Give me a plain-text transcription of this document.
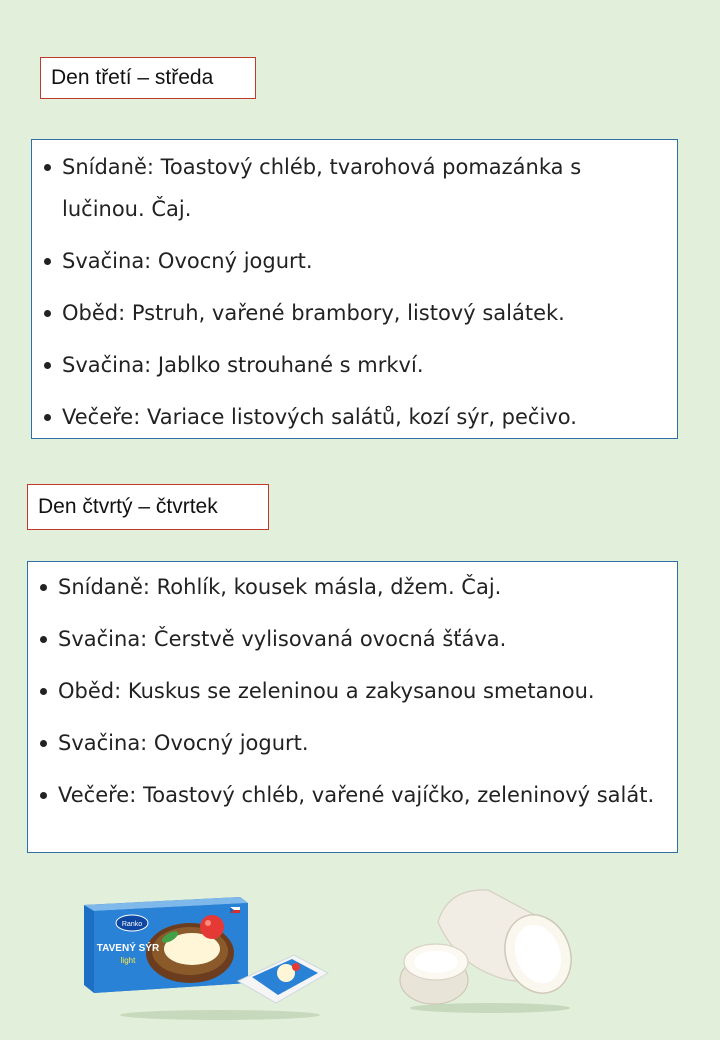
Den třetí – středa
Snídaně: Toastový chléb, tvarohová pomazánka s lučinou. Čaj.
Svačina: Ovocný jogurt.
Oběd: Pstruh, vařené brambory, listový salátek.
Svačina: Jablko strouhané s mrkví.
Večeře: Variace listových salátů, kozí sýr, pečivo.
Den čtvrtý – čtvrtek
Snídaně: Rohlík, kousek másla, džem. Čaj.
Svačina: Čerstvě vylisovaná ovocná šťáva.
Oběd: Kuskus se zeleninou a zakysanou smetanou.
Svačina: Ovocný jogurt.
Večeře: Toastový chléb, vařené vajíčko, zeleninový salát.
Ranko
TAVENÝ SÝR
light
